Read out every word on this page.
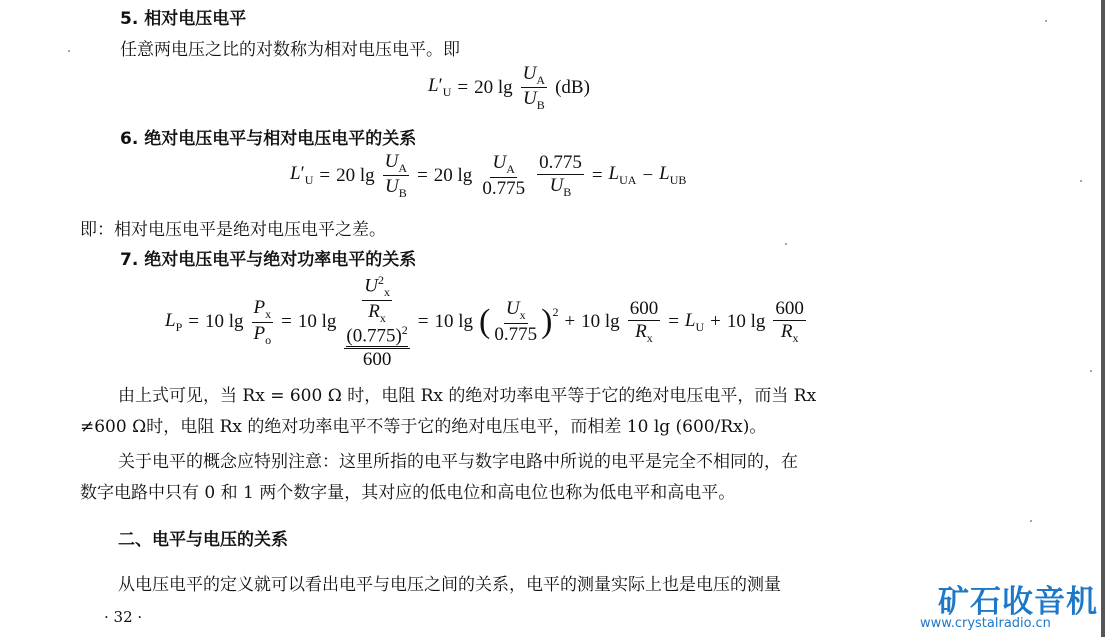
5. 相对电压电平
任意两电压之比的对数称为相对电压电平。即
$L'_U = 20$ $\lg \frac{U_A}{U_B} (dB)$
6. 绝对电压电平与相对电压电平的关系
$L'_U = 20$ $\lg \frac{U_A}{U_B} = 20$ $\lg \frac{U_A}{0.775} \frac{0.775}{U_B} = L_{UA} - L_{UB}$
即：相对电压电平是绝对电压电平之差。
7. 绝对电压电平与绝对功率电平的关系
$L_P = 10$ $\lg \frac{P_x}{P_o} = 10$ $\lg \frac{U^2_x}{R_x}$
$(0.775)^2$
600 = 10 lg ( $\frac{U_x}{0.775} )^2 + 10$ $\lg \frac{600}{R_x} = L_U + 10$ $\lg \frac{600}{R_x}$
由上式可见，当 Rx = 600 Ω 时，电阻 Rx 的绝对功率电平等于它的绝对电压电平，而当 Rx
≠600 Ω时，电阻 Rx 的绝对功率电平不等于它的绝对电压电平，而相差 10 lg (600/Rx)。
关于电平的概念应特别注意：这里所指的电平与数字电路中所说的电平是完全不相同的，在
数字电路中只有 0 和 1 两个数字量，其对应的低电位和高电位也称为低电平和高电平。
二、电平与电压的关系
从电压电平的定义就可以看出电平与电压之间的关系，电平的测量实际上也是电压的测量
· 32 ·	矿石收音机
www.crystalradio.cn
